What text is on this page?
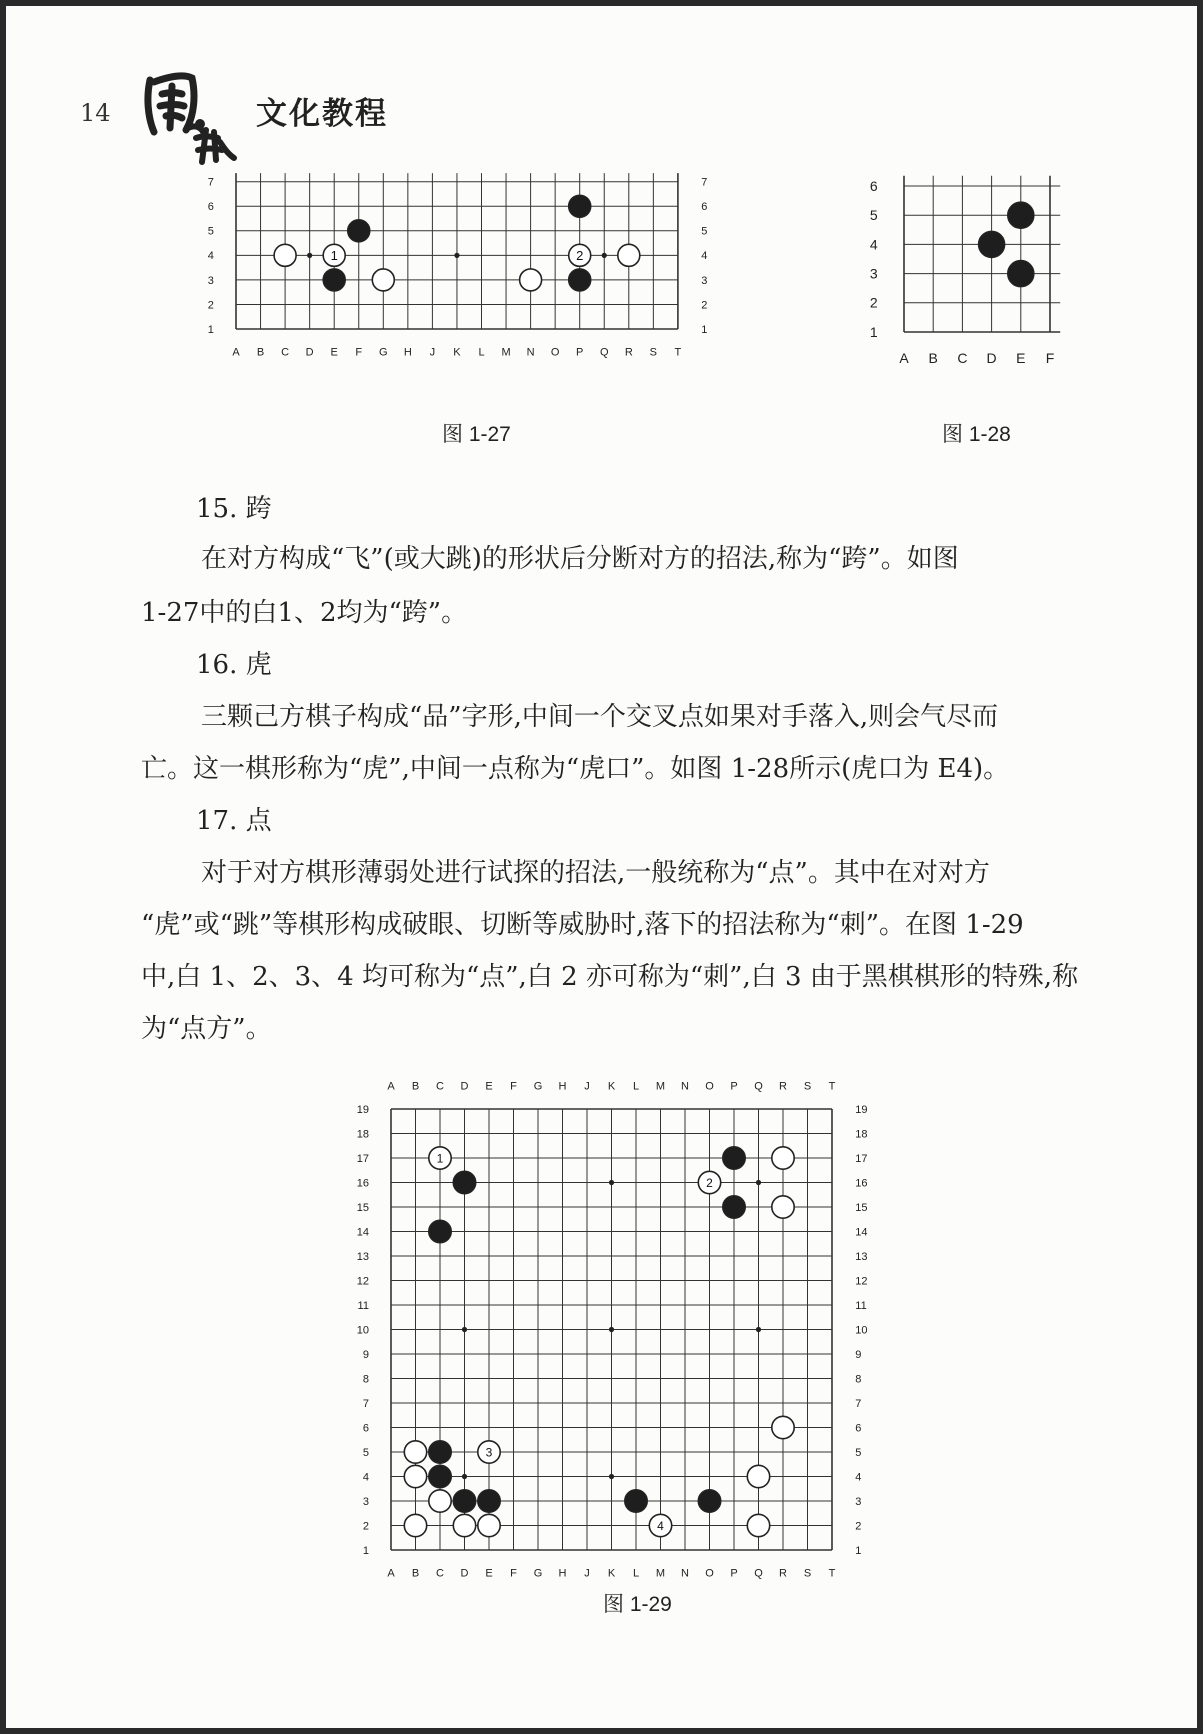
14	文化教程
A B C D E F G H J K L M N O P Q R S T
1	1
2	2
3	3
4	4
5	5
6	6
7	7
1	2
图 1-27
A B C D E F
1
2
3
4
5
6
图 1-28
15. 跨
在对方构成“飞”(或大跳)的形状后分断对方的招法,称为“跨”。如图
1-27中的白1、2均为“跨”。
16. 虎
三颗己方棋子构成“品”字形,中间一个交叉点如果对手落入,则会气尽而
亡。这一棋形称为“虎”,中间一点称为“虎口”。如图 1-28所示(虎口为 E4)。
17. 点
对于对方棋形薄弱处进行试探的招法,一般统称为“点”。其中在对对方
“虎”或“跳”等棋形构成破眼、切断等威胁时,落下的招法称为“刺”。在图 1-29
中,白 1、2、3、4 均可称为“点”,白 2 亦可称为“刺”,白 3 由于黑棋棋形的特殊,称
为“点方”。
A
A
B
B
C
C
D
D
E
E
F
F
G
G
H
H
J
J
K
K
L
L
M
M
N
N
O
O
P
P
Q
Q
R
R
S
S
T
T
1	1
2	2
3	3
4	4
5	5
6	6
7	7
8	8
9	9
10	10
11	11
12	12
13	13
14	14
15	15
16	16
17	17
18	18
19	19
1
2
3
4
图 1-29
